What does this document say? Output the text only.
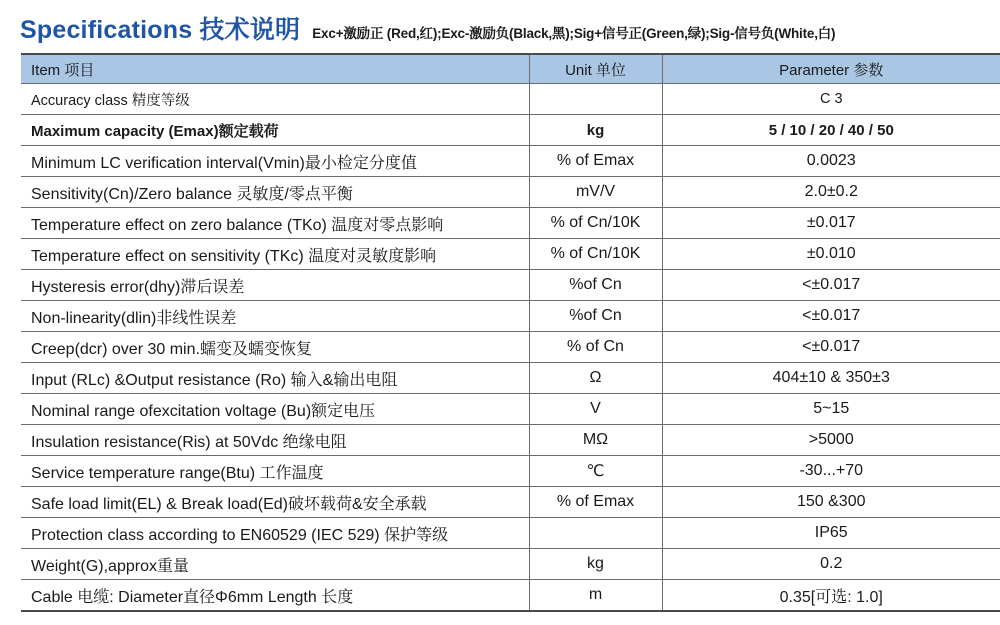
Specifications 技术说明 Exc+激励正 (Red,红);Exc-激励负(Black,黑);Sig+信号正(Green,绿);Sig-信号负(White,白)
Item 项目	Unit 单位	Parameter 参数
Accuracy class 精度等级		C 3
Maximum capacity (Emax)额定载荷	kg	5 / 10 / 20 / 40 / 50
Minimum LC verification interval(Vmin)最小检定分度值	% of Emax	0.0023
Sensitivity(Cn)/Zero balance 灵敏度/零点平衡	mV/V	2.0±0.2
Temperature effect on zero balance (TKo) 温度对零点影响	% of Cn/10K	±0.017
Temperature effect on sensitivity (TKc) 温度对灵敏度影响	% of Cn/10K	±0.010
Hysteresis error(dhy)滞后误差	%of Cn	<±0.017
Non-linearity(dlin)非线性误差	%of Cn	<±0.017
Creep(dcr) over 30 min.蠕变及蠕变恢复	% of Cn	<±0.017
Input (RLc) &Output resistance (Ro) 输入&输出电阻	Ω	404±10 & 350±3
Nominal range ofexcitation voltage (Bu)额定电压	V	5~15
Insulation resistance(Ris) at 50Vdc 绝缘电阻	MΩ	>5000
Service temperature range(Btu) 工作温度	℃	-30...+70
Safe load limit(EL) & Break load(Ed)破坏载荷&安全承载	% of Emax	150 &300
Protection class according to EN60529 (IEC 529) 保护等级		IP65
Weight(G),approx重量	kg	0.2
Cable 电缆: Diameter直径Φ6mm Length 长度	m	0.35[可选: 1.0]
